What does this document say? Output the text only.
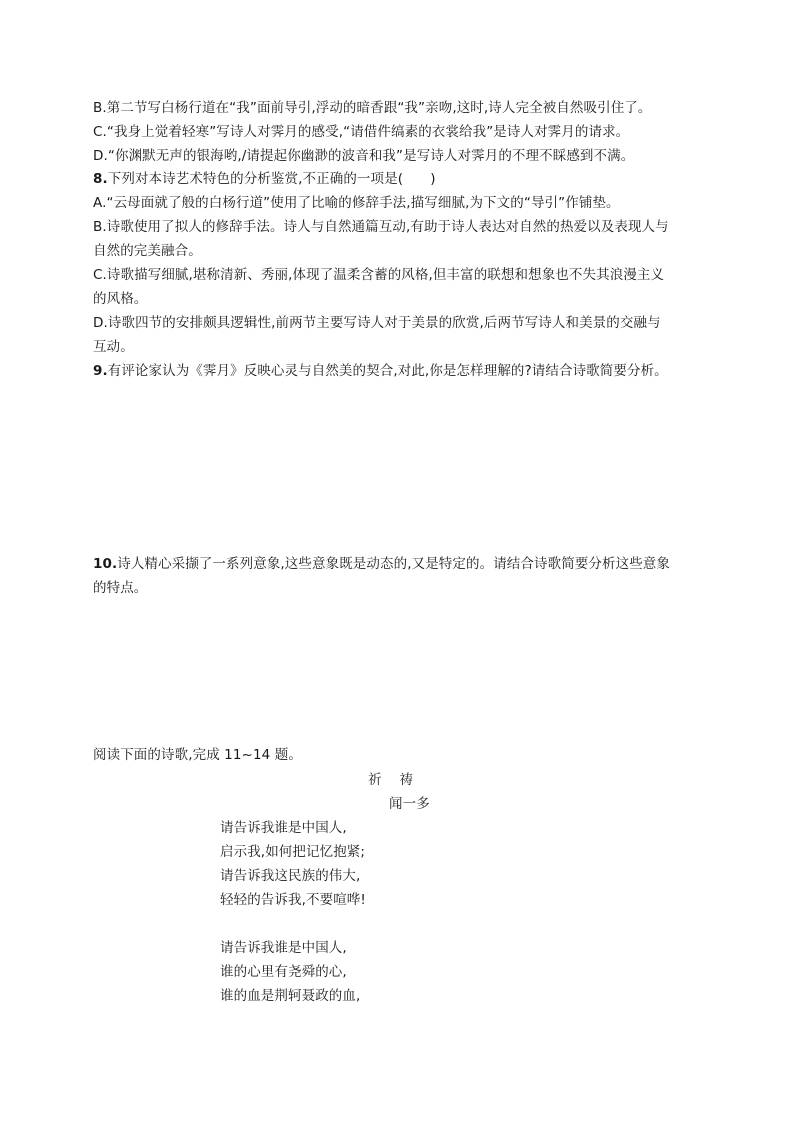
B.第二节写白杨行道在“我”面前导引,浮动的暗香跟“我”亲吻,这时,诗人完全被自然吸引住了。
C.“我身上觉着轻寒”写诗人对霁月的感受,“请借件缟素的衣裳给我”是诗人对霁月的请求。
D.“你渊默无声的银海哟,/请提起你幽渺的波音和我”是写诗人对霁月的不理不睬感到不满。
8.下列对本诗艺术特色的分析鉴赏,不正确的一项是(　　)
A.“云母面就了般的白杨行道”使用了比喻的修辞手法,描写细腻,为下文的“导引”作铺垫。
B.诗歌使用了拟人的修辞手法。诗人与自然通篇互动,有助于诗人表达对自然的热爱以及表现人与
自然的完美融合。
C.诗歌描写细腻,堪称清新、秀丽,体现了温柔含蓄的风格,但丰富的联想和想象也不失其浪漫主义
的风格。
D.诗歌四节的安排颇具逻辑性,前两节主要写诗人对于美景的欣赏,后两节写诗人和美景的交融与
互动。
9.有评论家认为《霁月》反映心灵与自然美的契合,对此,你是怎样理解的?请结合诗歌简要分析。
10.诗人精心采撷了一系列意象,这些意象既是动态的,又是特定的。请结合诗歌简要分析这些意象
的特点。
阅读下面的诗歌,完成 11~14 题。
祈祷
闻一多
请告诉我谁是中国人,
启示我,如何把记忆抱紧;
请告诉我这民族的伟大,
轻轻的告诉我,不要喧哗!
请告诉我谁是中国人,
谁的心里有尧舜的心,
谁的血是荆轲聂政的血,
